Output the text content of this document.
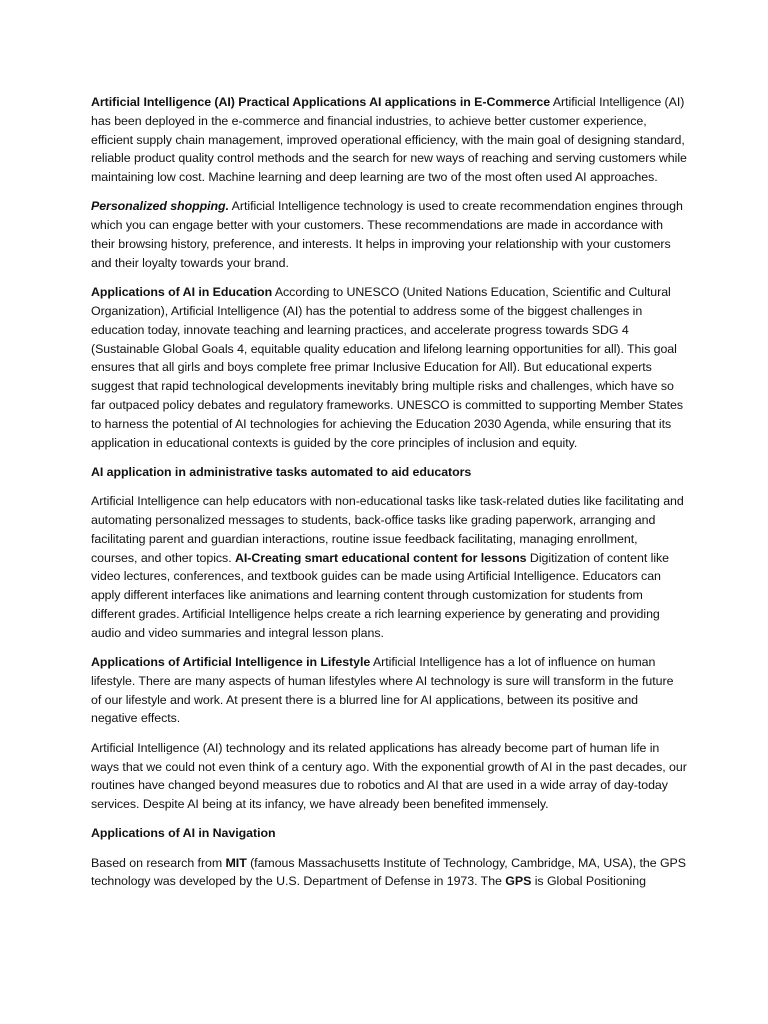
Artificial Intelligence (AI) Practical Applications AI applications in E-Commerce Artificial Intelligence (AI) has been deployed in the e-commerce and financial industries, to achieve better customer experience, efficient supply chain management, improved operational efficiency, with the main goal of designing standard, reliable product quality control methods and the search for new ways of reaching and serving customers while maintaining low cost. Machine learning and deep learning are two of the most often used AI approaches.

Personalized shopping. Artificial Intelligence technology is used to create recommendation engines through which you can engage better with your customers. These recommendations are made in accordance with their browsing history, preference, and interests. It helps in improving your relationship with your customers and their loyalty towards your brand.

Applications of AI in Education According to UNESCO (United Nations Education, Scientific and Cultural Organization), Artificial Intelligence (AI) has the potential to address some of the biggest challenges in education today, innovate teaching and learning practices, and accelerate progress towards SDG 4 (Sustainable Global Goals 4, equitable quality education and lifelong learning opportunities for all). This goal ensures that all girls and boys complete free primar Inclusive Education for All). But educational experts suggest that rapid technological developments inevitably bring multiple risks and challenges, which have so far outpaced policy debates and regulatory frameworks. UNESCO is committed to supporting Member States to harness the potential of AI technologies for achieving the Education 2030 Agenda, while ensuring that its application in educational contexts is guided by the core principles of inclusion and equity.

AI application in administrative tasks automated to aid educators

Artificial Intelligence can help educators with non-educational tasks like task-related duties like facilitating and automating personalized messages to students, back-office tasks like grading paperwork, arranging and facilitating parent and guardian interactions, routine issue feedback facilitating, managing enrollment, courses, and other topics. AI-Creating smart educational content for lessons Digitization of content like video lectures, conferences, and textbook guides can be made using Artificial Intelligence. Educators can apply different interfaces like animations and learning content through customization for students from different grades. Artificial Intelligence helps create a rich learning experience by generating and providing audio and video summaries and integral lesson plans.

Applications of Artificial Intelligence in Lifestyle Artificial Intelligence has a lot of influence on human lifestyle. There are many aspects of human lifestyles where AI technology is sure will transform in the future of our lifestyle and work. At present there is a blurred line for AI applications, between its positive and negative effects.

Artificial Intelligence (AI) technology and its related applications has already become part of human life in ways that we could not even think of a century ago. With the exponential growth of AI in the past decades, our routines have changed beyond measures due to robotics and AI that are used in a wide array of day-today services. Despite AI being at its infancy, we have already been benefited immensely.

Applications of AI in Navigation

Based on research from MIT (famous Massachusetts Institute of Technology, Cambridge, MA, USA), the GPS technology was developed by the U.S. Department of Defense in 1973. The GPS is Global Positioning
